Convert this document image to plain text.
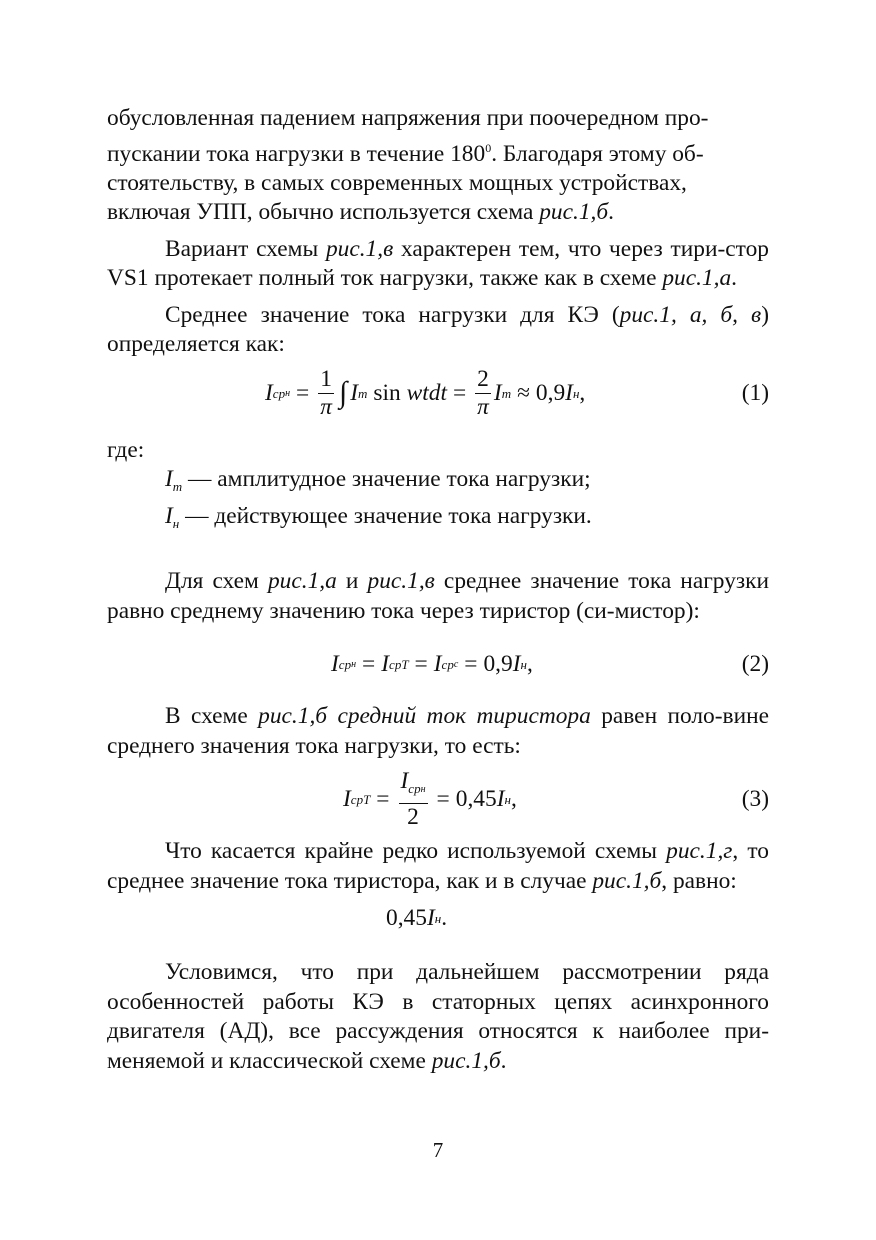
обусловленная падением напряжения при поочередном про-
пускании тока нагрузки в течение $180^0$. Благодаря этому об-
стоятельству, в самых современных мощных устройствах,
включая УПП, обычно используется схема рис.1,б.

Вариант схемы рис.1,в характерен тем, что через тири-стор VS1 протекает полный ток нагрузки, также как в схеме рис.1,а.

Среднее значение тока нагрузки для КЭ (рис.1, а, б, в) определяется как:

I ср $н = \frac{1}{\pi}$ ∫ I m sin wtdt = $\frac{2}{\pi}$ I m ≈ 0,9 I н ,	(1)

где:

$I_m$ — амплитудное значение тока нагрузки;

$I_н$ — действующее значение тока нагрузки.

Для схем рис.1,а и рис.1,в среднее значение тока нагрузки равно среднему значению тока через тиристор (си-мистор):

I ср н = I срТ = I ср с = 0,9 I н ,	(2)

В схеме рис.1,б средний ток тиристора равен поло-вине среднего значения тока нагрузки, то есть:

I срТ = $\frac{I_{ср}н}{2} = 0,45$ I н ,	(3)

Что касается крайне редко используемой схемы рис.1,г, то среднее значение тока тиристора, как и в случае рис.1,б, равно:

0,45 I н .

Условимся, что при дальнейшем рассмотрении ряда особенностей работы КЭ в статорных цепях асинхронного двигателя (АД), все рассуждения относятся к наиболее при-меняемой и классической схеме рис.1,б.

7
